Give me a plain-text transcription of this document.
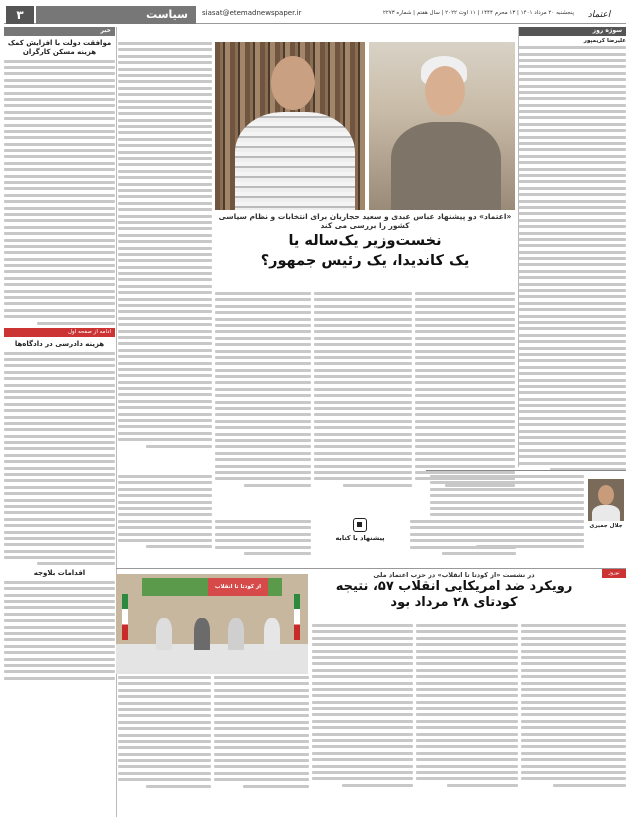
۳	سیاست	siasat@etemadnewspaper.ir	پنجشنبه ۲۰ مرداد ۱۴۰۱ | ۱۳ محرم ۱۴۴۴ | ۱۱ اوت ۲۰۲۲ | سال هفتم | شماره ۲۲۷۳	اعتماد
خبر
موافقت دولت با افزایش کمک هزینه مسکن کارگران
ادامه از صفحه اول
هزینه دادرسی در دادگاه‌ها
اقدامات بلاوجه
سوژه روز
علیرضا کریمپور
«اعتماد» دو پیشنهاد عباس عبدی و سعید حجاریان برای انتخابات و نظام سیاسی کشور را بررسی می کند
نخست‌وزیر یک‌ساله یا
یک کاندیدا، یک رئیس جمهور؟
پیشنهاد با کتابه
جلال جمیری
نوروز
در نشست «از کودتا تا انقلاب» در حزب اعتماد ملی
رویکرد ضد امریکایی انقلاب ۵۷، نتیجه
کودتای ۲۸ مرداد بود
از کودتا تا انقلاب
